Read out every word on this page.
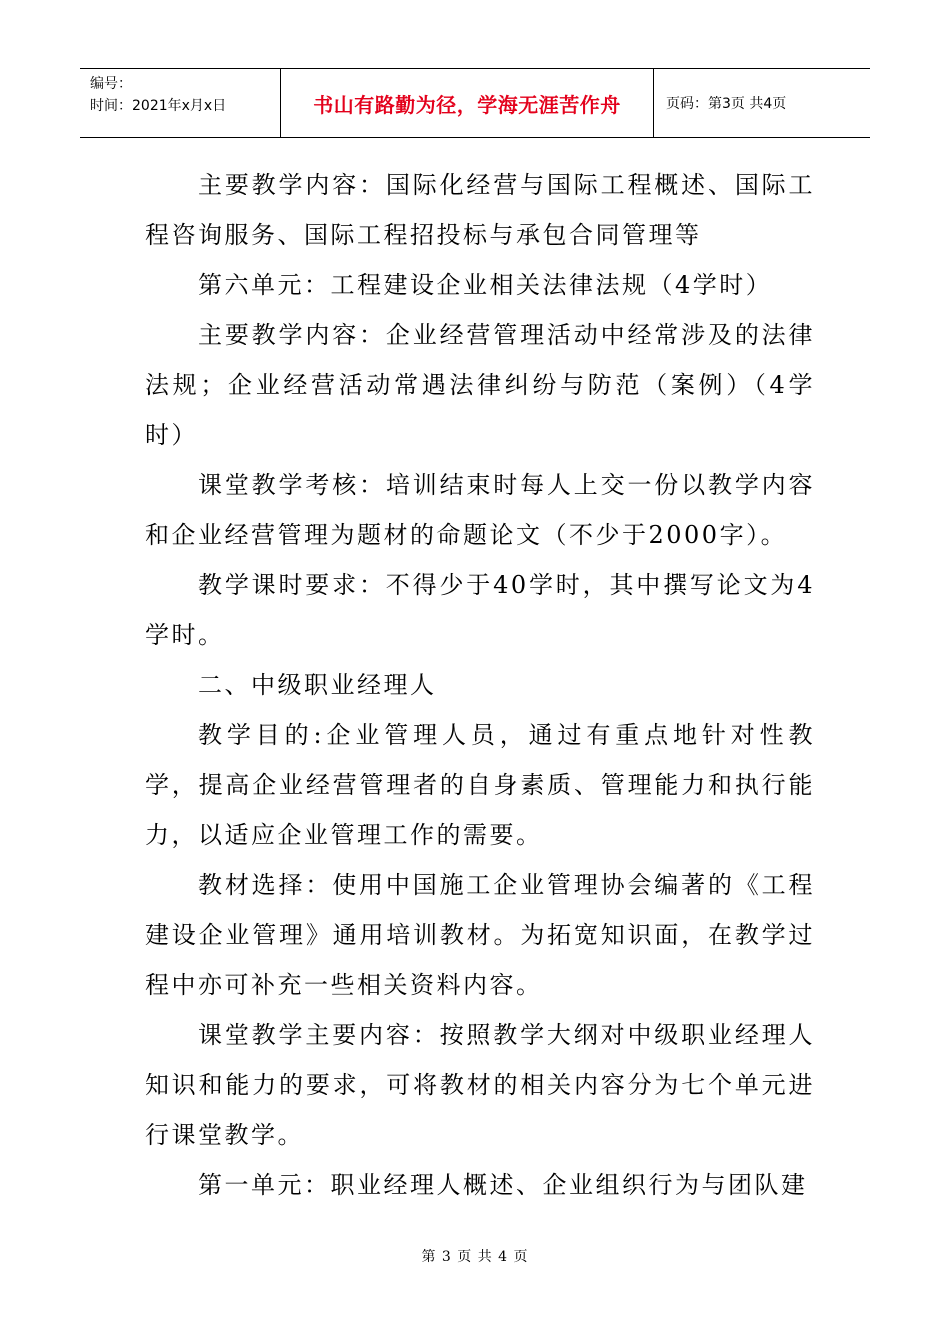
编号：
时间：2021年x月x日	书山有路勤为径，学海无涯苦作舟	页码：第3页 共4页

主要教学内容：国际化经营与国际工程概述、国际工程咨询服务、国际工程招投标与承包合同管理等

第六单元：工程建设企业相关法律法规（4学时）

主要教学内容：企业经营管理活动中经常涉及的法律法规；企业经营活动常遇法律纠纷与防范（案例）（4学时）

课堂教学考核：培训结束时每人上交一份以教学内容和企业经营管理为题材的命题论文（不少于2000字）。

教学课时要求：不得少于40学时，其中撰写论文为4学时。

二、中级职业经理人

教学目的:企业管理人员，通过有重点地针对性教学，提高企业经营管理者的自身素质、管理能力和执行能力，以适应企业管理工作的需要。

教材选择：使用中国施工企业管理协会编著的《工程建设企业管理》通用培训教材。为拓宽知识面，在教学过程中亦可补充一些相关资料内容。

课堂教学主要内容：按照教学大纲对中级职业经理人知识和能力的要求，可将教材的相关内容分为七个单元进行课堂教学。

第一单元：职业经理人概述、企业组织行为与团队建

第 3 页 共 4 页
